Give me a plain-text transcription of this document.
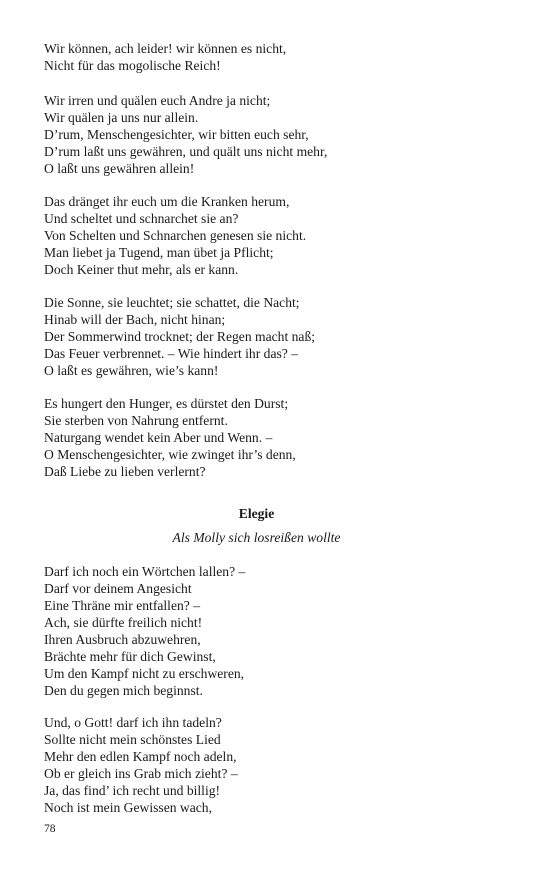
Wir können, ach leider! wir können es nicht,
Nicht für das mogolische Reich!
Wir irren und quälen euch Andre ja nicht;
Wir quälen ja uns nur allein.
D’rum, Menschengesichter, wir bitten euch sehr,
D’rum laßt uns gewähren, und quält uns nicht mehr,
O laßt uns gewähren allein!
Das dränget ihr euch um die Kranken herum,
Und scheltet und schnarchet sie an?
Von Schelten und Schnarchen genesen sie nicht.
Man liebet ja Tugend, man übet ja Pflicht;
Doch Keiner thut mehr, als er kann.
Die Sonne, sie leuchtet; sie schattet, die Nacht;
Hinab will der Bach, nicht hinan;
Der Sommerwind trocknet; der Regen macht naß;
Das Feuer verbrennet. – Wie hindert ihr das? –
O laßt es gewähren, wie’s kann!
Es hungert den Hunger, es dürstet den Durst;
Sie sterben von Nahrung entfernt.
Naturgang wendet kein Aber und Wenn. –
O Menschengesichter, wie zwinget ihr’s denn,
Daß Liebe zu lieben verlernt?
Elegie
Als Molly sich losreißen wollte
Darf ich noch ein Wörtchen lallen? –
Darf vor deinem Angesicht
Eine Thräne mir entfallen? –
Ach, sie dürfte freilich nicht!
Ihren Ausbruch abzuwehren,
Brächte mehr für dich Gewinst,
Um den Kampf nicht zu erschweren,
Den du gegen mich beginnst.
Und, o Gott! darf ich ihn tadeln?
Sollte nicht mein schönstes Lied
Mehr den edlen Kampf noch adeln,
Ob er gleich ins Grab mich zieht? –
Ja, das find’ ich recht und billig!
Noch ist mein Gewissen wach,
78
